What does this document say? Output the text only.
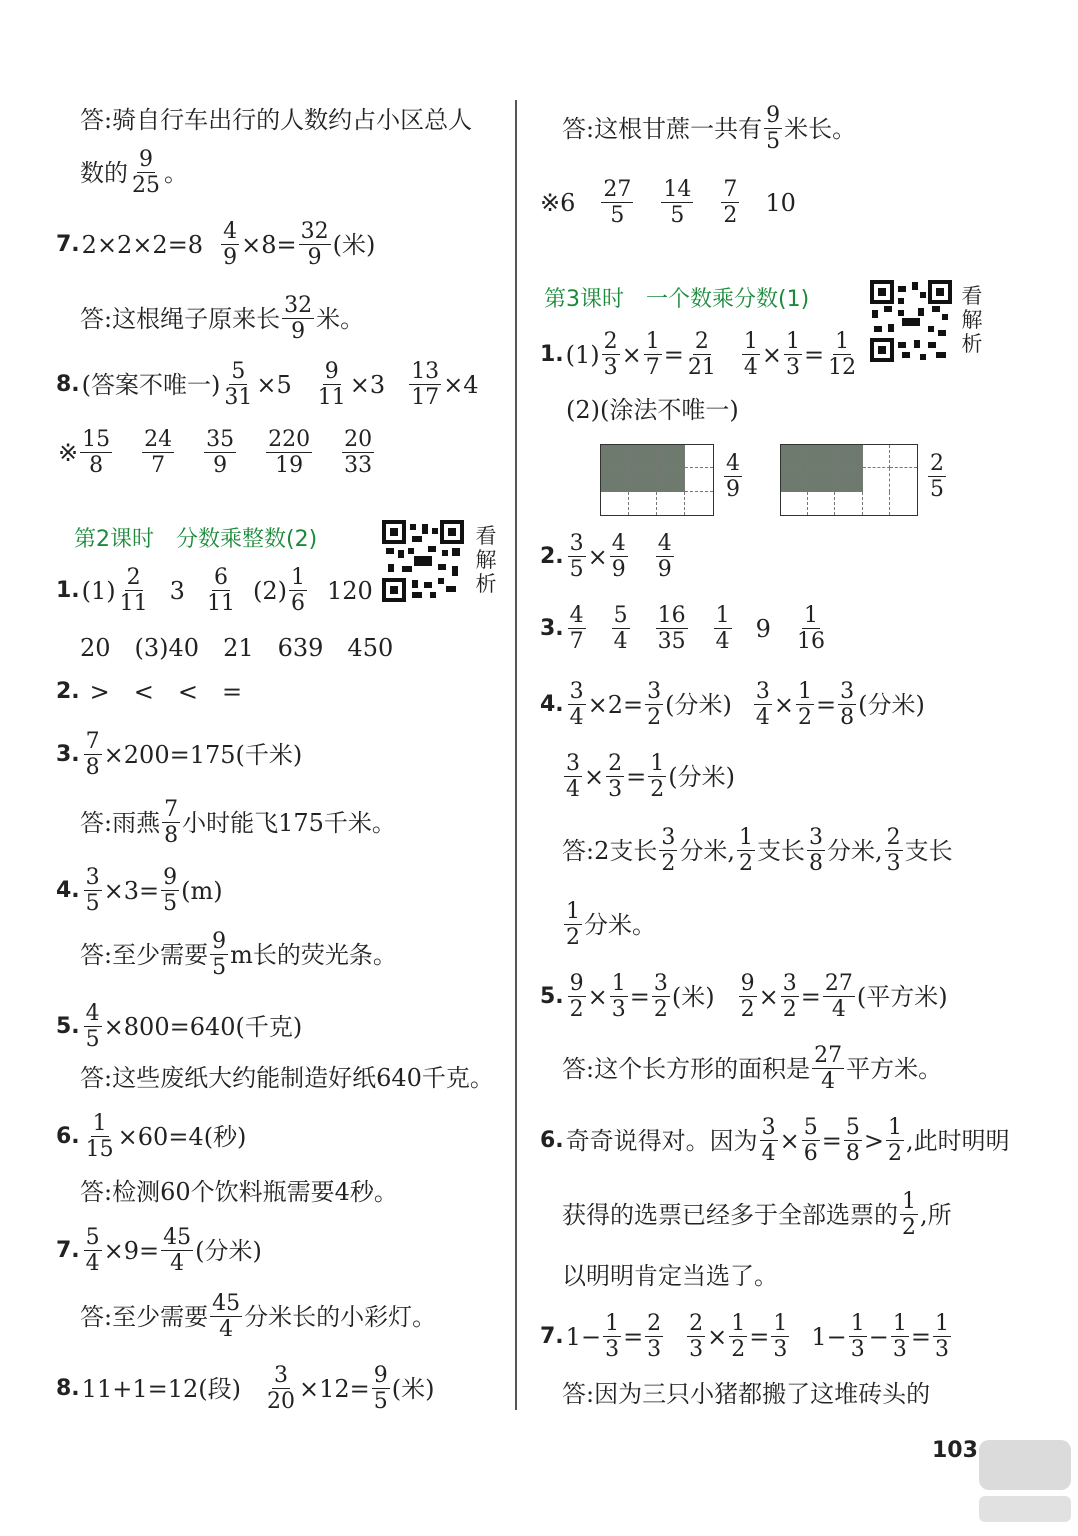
答:骑自行车出行的人数约占小区总人
数的 9
25 。
7. $2\times 2\times 2=8 \frac{4}{9} \times 8= \frac{32}{9}$ (米)
答:这根绳子原来长 32
9 米。
8. (答案不唯一) $\frac{5}{31} \times 5 \frac{9}{11} \times 3 \frac{13}{17} \times 4$
※ 15
8
24
7
35
9
220
19
20
33
第2课时　分数乘整数(2)	看
解
析
1. (1) 2
11 3 6
11 (2) 1
6 120
20　(3)40　21　639　450
2. >　<　<　=
3. $\frac{7}{8} \times 200=175$(千米)
答:雨燕 7
8 小时能飞175千米。
4. $\frac{3}{5} \times 3= \frac{9}{5} (m)$
答:至少需要 9
5 m长的荧光条。
5. $\frac{4}{5} \times 800=640$(千克)
答:这些废纸大约能制造好纸640千克。
6. $\frac{1}{15} \times 60=4$(秒)
答:检测60个饮料瓶需要4秒。
7. $\frac{5}{4} \times 9= \frac{45}{4}$ (分米)
答:至少需要 45
4 分米长的小彩灯。
8. 11+1=12(段) $\frac{3}{20} \times 12= \frac{9}{5}$ (米)
答:这根甘蔗一共有 9
5 米长。
※6 27
5
14
5
7
2 10
第3课时　一个数乘分数(1)	看
解
析
1. $(1) \frac{2}{3} \times \frac{1}{7} = \frac{2}{21} \frac{1}{4} \times \frac{1}{3} = \frac{1}{12}$
(2)(涂法不唯一)
4
9
2
5
2. $\frac{3}{5} \times \frac{4}{9} 4$
9
3.
4
7
5
4
16
35
1
4 9 1
16
4. $\frac{3}{4} \times 2= \frac{3}{2}$ (分米) 3
4 × 1
2 = 3
8 (分米)
3
4 × 2
3 = 1
2 (分米)
答:2支长 3
2 分米, 1
2 支长 3
8 分米, 2
3 支长
1
2 分米。
5.
9
2 × 1
3 = 3
2 (米) 9
2 × 3
2 = 27
4 (平方米)
答:这个长方形的面积是 27
4 平方米。
6. 奇奇说得对。因为 3
4 × 5
6 = 5
8 > 1
2 ,此时明明
获得的选票已经多于全部选票的 1
2 ,所
以明明肯定当选了。
7. $1- \frac{1}{3} = 2$
3
2
3 × 1
2 = 1
3 $1- \frac{1}{3} - 1$
3 = 1
3
答:因为三只小猪都搬了这堆砖头的
103
